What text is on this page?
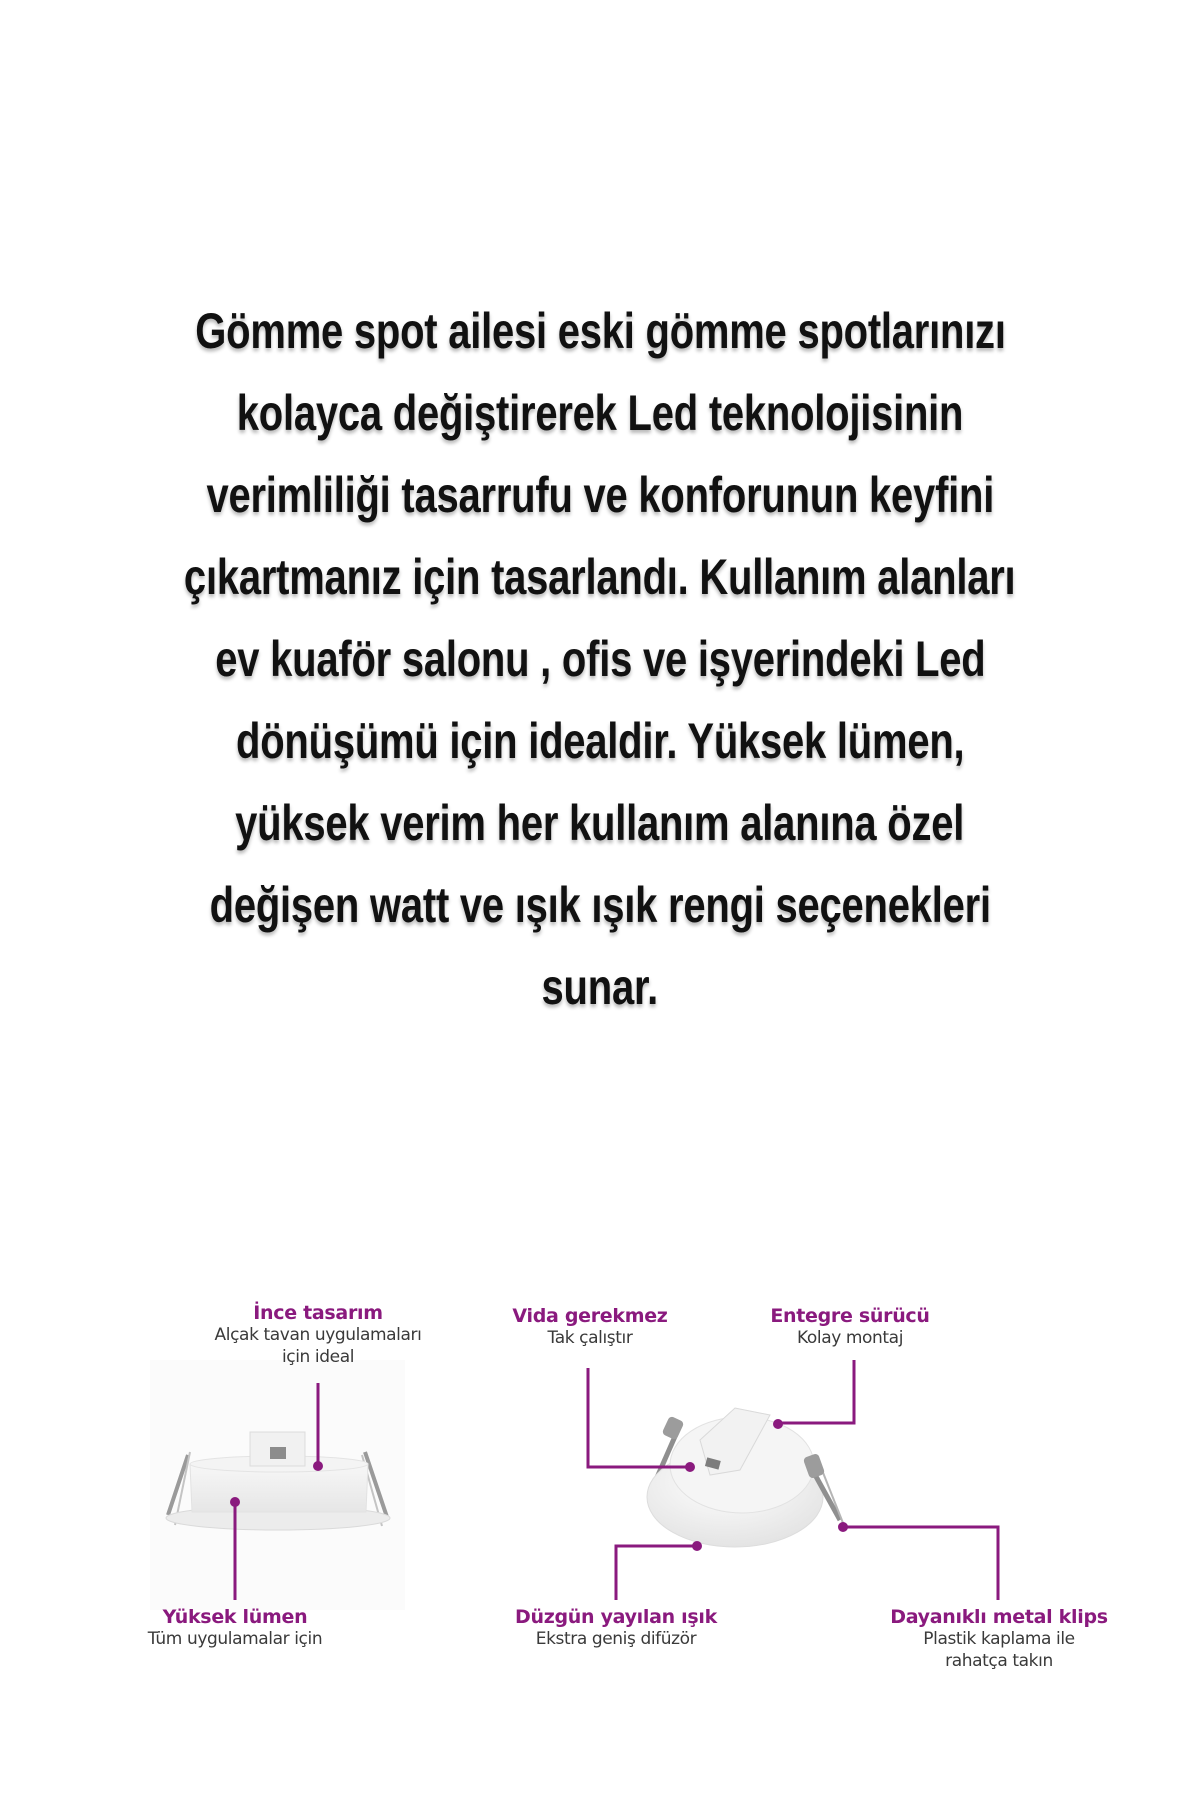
Gömme spot ailesi eski gömme spotlarınızı
kolayca değiştirerek Led teknolojisinin
verimliliği tasarrufu ve konforunun keyfini
çıkartmanız için tasarlandı. Kullanım alanları
ev kuaför salonu , ofis ve işyerindeki Led
dönüşümü için idealdir. Yüksek lümen,
yüksek verim her kullanım alanına özel
değişen watt ve ışık ışık rengi seçenekleri
sunar.
İnce tasarım
Alçak tavan uygulamaları
için ideal
Vida gerekmez
Tak çalıştır
Entegre sürücü
Kolay montaj
Yüksek lümen
Tüm uygulamalar için
Düzgün yayılan ışık
Ekstra geniş difüzör
Dayanıklı metal klips
Plastik kaplama ile
rahatça takın
